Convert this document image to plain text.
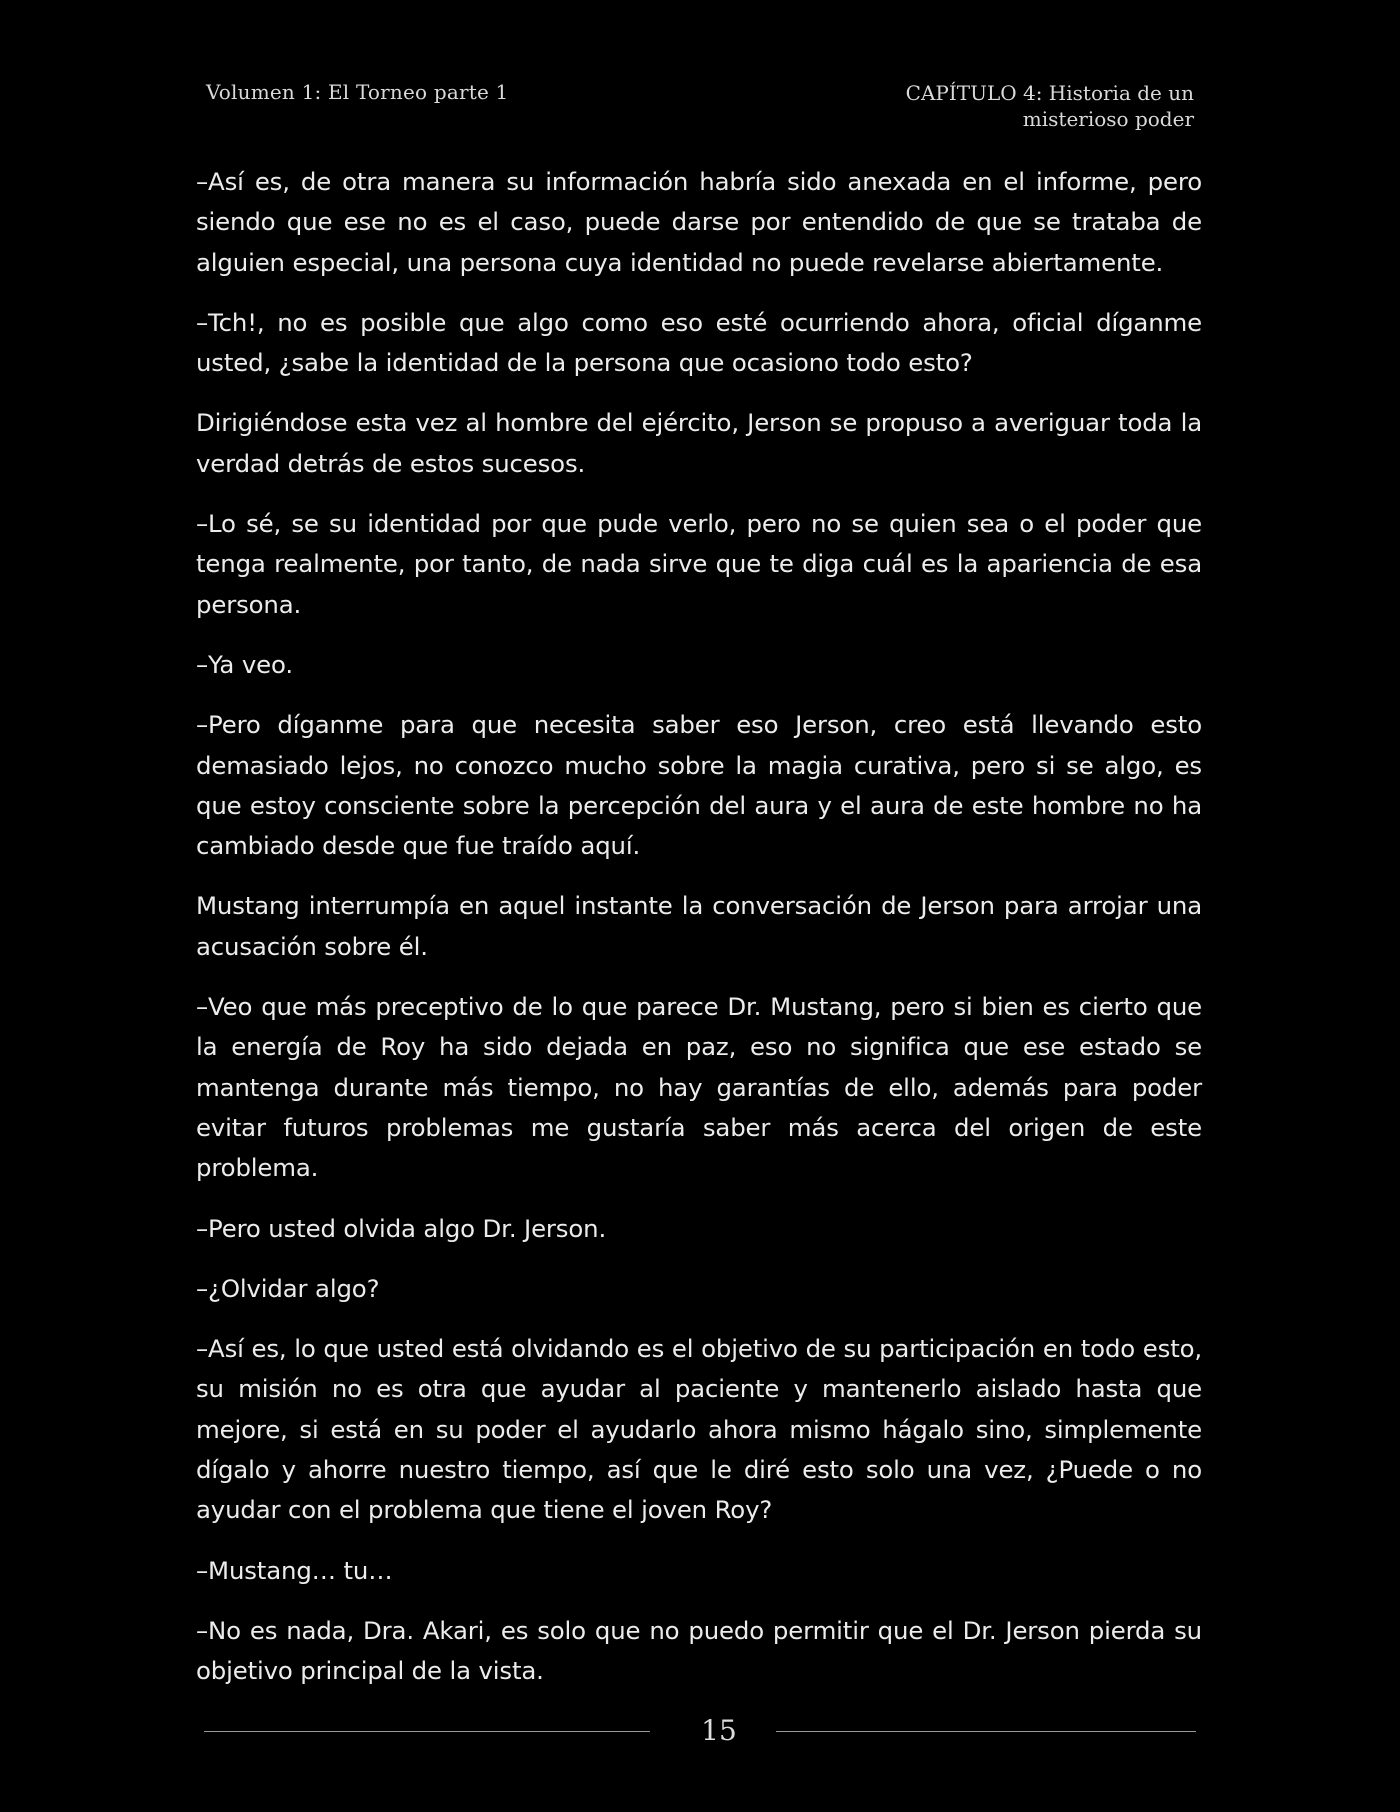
Volumen 1: El Torneo parte 1	CAPÍTULO 4: Historia de un
misterioso poder

–Así es, de otra manera su información habría sido anexada en el informe, pero siendo que ese no es el caso, puede darse por entendido de que se trataba de alguien especial, una persona cuya identidad no puede revelarse abiertamente.

–Tch!, no es posible que algo como eso esté ocurriendo ahora, oficial díganme usted, ¿sabe la identidad de la persona que ocasiono todo esto?

Dirigiéndose esta vez al hombre del ejército, Jerson se propuso a averiguar toda la verdad detrás de estos sucesos.

–Lo sé, se su identidad por que pude verlo, pero no se quien sea o el poder que tenga realmente, por tanto, de nada sirve que te diga cuál es la apariencia de esa persona.

–Ya veo.

–Pero díganme para que necesita saber eso Jerson, creo está llevando esto demasiado lejos, no conozco mucho sobre la magia curativa, pero si se algo, es que estoy consciente sobre la percepción del aura y el aura de este hombre no ha cambiado desde que fue traído aquí.

Mustang interrumpía en aquel instante la conversación de Jerson para arrojar una acusación sobre él.

–Veo que más preceptivo de lo que parece Dr. Mustang, pero si bien es cierto que la energía de Roy ha sido dejada en paz, eso no significa que ese estado se mantenga durante más tiempo, no hay garantías de ello, además para poder evitar futuros problemas me gustaría saber más acerca del origen de este problema.

–Pero usted olvida algo Dr. Jerson.

–¿Olvidar algo?

–Así es, lo que usted está olvidando es el objetivo de su participación en todo esto, su misión no es otra que ayudar al paciente y mantenerlo aislado hasta que mejore, si está en su poder el ayudarlo ahora mismo hágalo sino, simplemente dígalo y ahorre nuestro tiempo, así que le diré esto solo una vez, ¿Puede o no ayudar con el problema que tiene el joven Roy?

–Mustang… tu…

–No es nada, Dra. Akari, es solo que no puedo permitir que el Dr. Jerson pierda su objetivo principal de la vista.

15
